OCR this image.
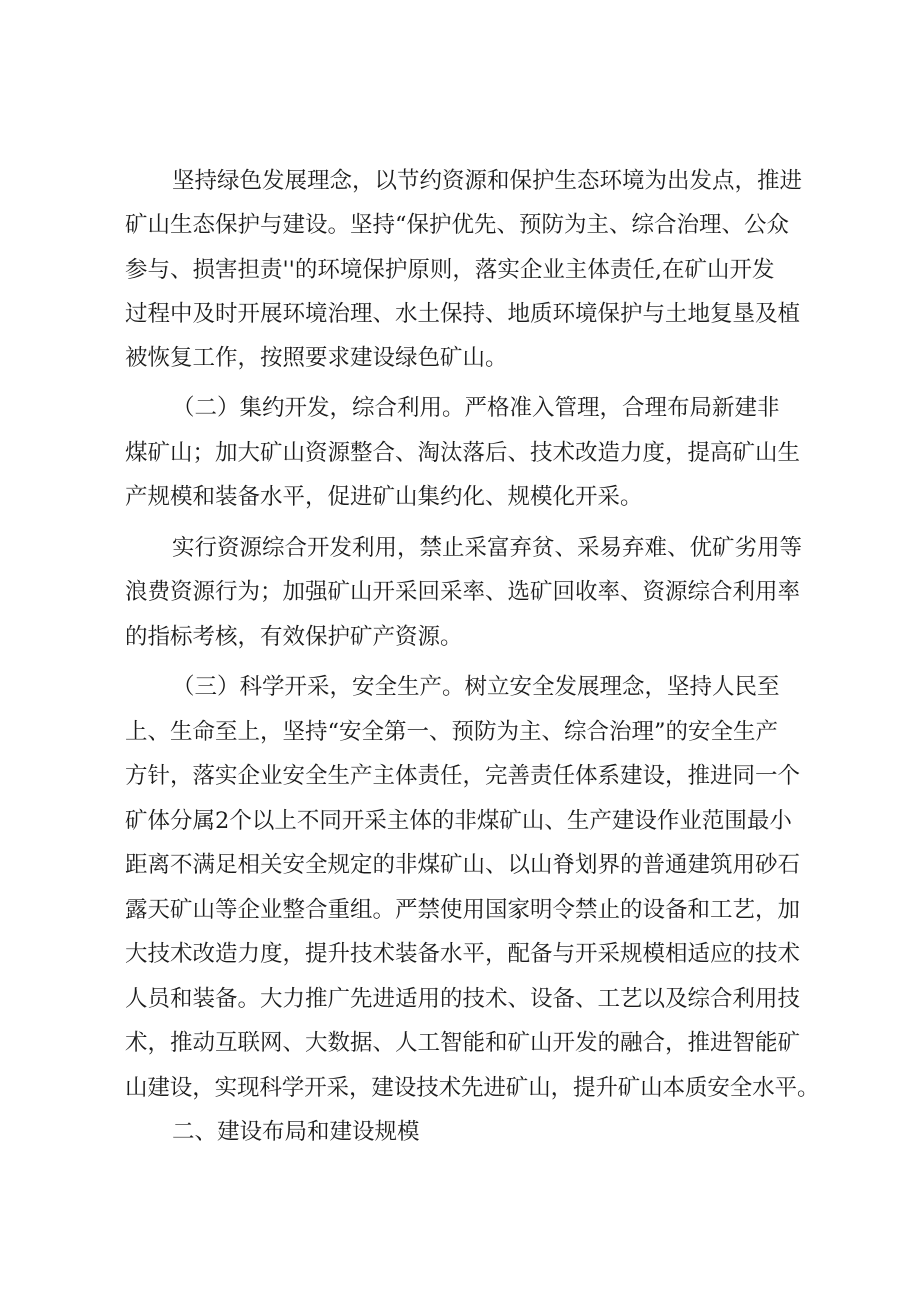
坚持绿色发展理念，以节约资源和保护生态环境为出发点，推进
矿山生态保护与建设。坚持“保护优先、预防为主、综合治理、公众
参与、损害担责''的环境保护原则，落实企业主体责任,在矿山开发
过程中及时开展环境治理、水土保持、地质环境保护与土地复垦及植
被恢复工作，按照要求建设绿色矿山。
（二）集约开发，综合利用。严格准入管理，合理布局新建非
煤矿山；加大矿山资源整合、淘汰落后、技术改造力度，提高矿山生
产规模和装备水平，促进矿山集约化、规模化开采。
实行资源综合开发利用，禁止采富弃贫、采易弃难、优矿劣用等
浪费资源行为；加强矿山开采回采率、选矿回收率、资源综合利用率
的指标考核，有效保护矿产资源。
（三）科学开采，安全生产。树立安全发展理念，坚持人民至
上、生命至上，坚持“安全第一、预防为主、综合治理”的安全生产
方针，落实企业安全生产主体责任，完善责任体系建设，推进同一个
矿体分属2个以上不同开采主体的非煤矿山、生产建设作业范围最小
距离不满足相关安全规定的非煤矿山、以山脊划界的普通建筑用砂石
露天矿山等企业整合重组。严禁使用国家明令禁止的设备和工艺，加
大技术改造力度，提升技术装备水平，配备与开采规模相适应的技术
人员和装备。大力推广先进适用的技术、设备、工艺以及综合利用技
术，推动互联网、大数据、人工智能和矿山开发的融合，推进智能矿
山建设，实现科学开采，建设技术先进矿山，提升矿山本质安全水平。
二、建设布局和建设规模
